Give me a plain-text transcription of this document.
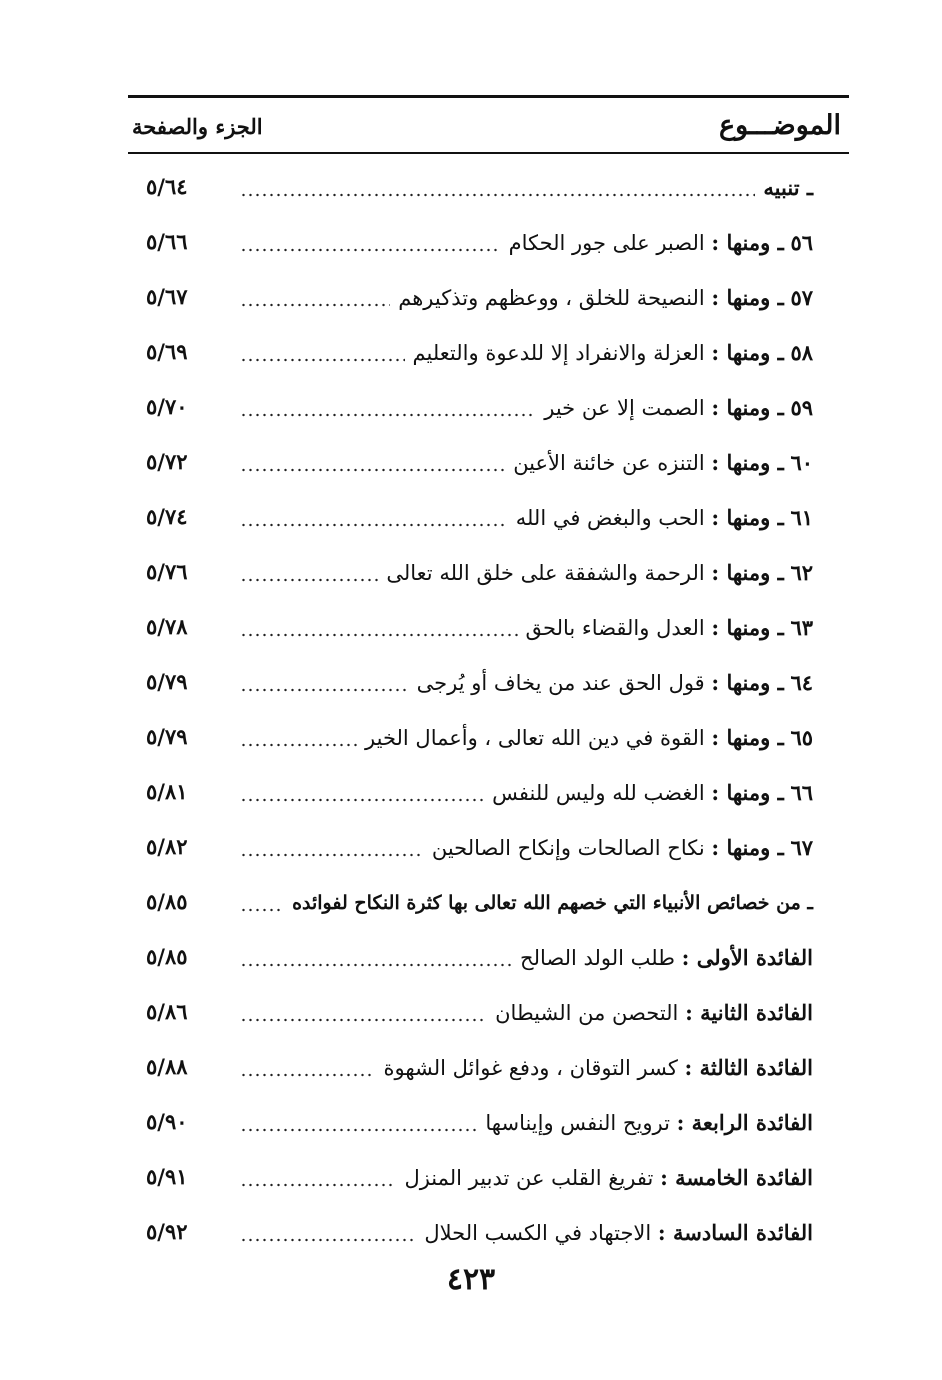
الموضـــوع
الجزء والصفحة
ـ تنبيه
٥/٦٤
٥٦ ـ ومنها : الصبر على جور الحكام
٥/٦٦
٥٧ ـ ومنها : النصيحة للخلق ، ووعظهم وتذكيرهم
٥/٦٧
٥٨ ـ ومنها : العزلة والانفراد إلا للدعوة والتعليم
٥/٦٩
٥٩ ـ ومنها : الصمت إلا عن خير
٥/٧٠
٦٠ ـ ومنها : التنزه عن خائنة الأعين
٥/٧٢
٦١ ـ ومنها : الحب والبغض في الله
٥/٧٤
٦٢ ـ ومنها : الرحمة والشفقة على خلق الله تعالى
٥/٧٦
٦٣ ـ ومنها : العدل والقضاء بالحق
٥/٧٨
٦٤ ـ ومنها : قول الحق عند من يخاف أو يُرجى
٥/٧٩
٦٥ ـ ومنها : القوة في دين الله تعالى ، وأعمال الخير
٥/٧٩
٦٦ ـ ومنها : الغضب لله وليس للنفس
٥/٨١
٦٧ ـ ومنها : نكاح الصالحات وإنكاح الصالحين
٥/٨٢
ـ من خصائص الأنبياء التي خصهم الله تعالى بها كثرة النكاح لفوائده
٥/٨٥
الفائدة الأولى : طلب الولد الصالح
٥/٨٥
الفائدة الثانية : التحصن من الشيطان
٥/٨٦
الفائدة الثالثة : كسر التوقان ، ودفع غوائل الشهوة
٥/٨٨
الفائدة الرابعة : ترويح النفس وإيناسها
٥/٩٠
الفائدة الخامسة : تفريغ القلب عن تدبير المنزل
٥/٩١
الفائدة السادسة : الاجتهاد في الكسب الحلال
٥/٩٢
٤٢٣
